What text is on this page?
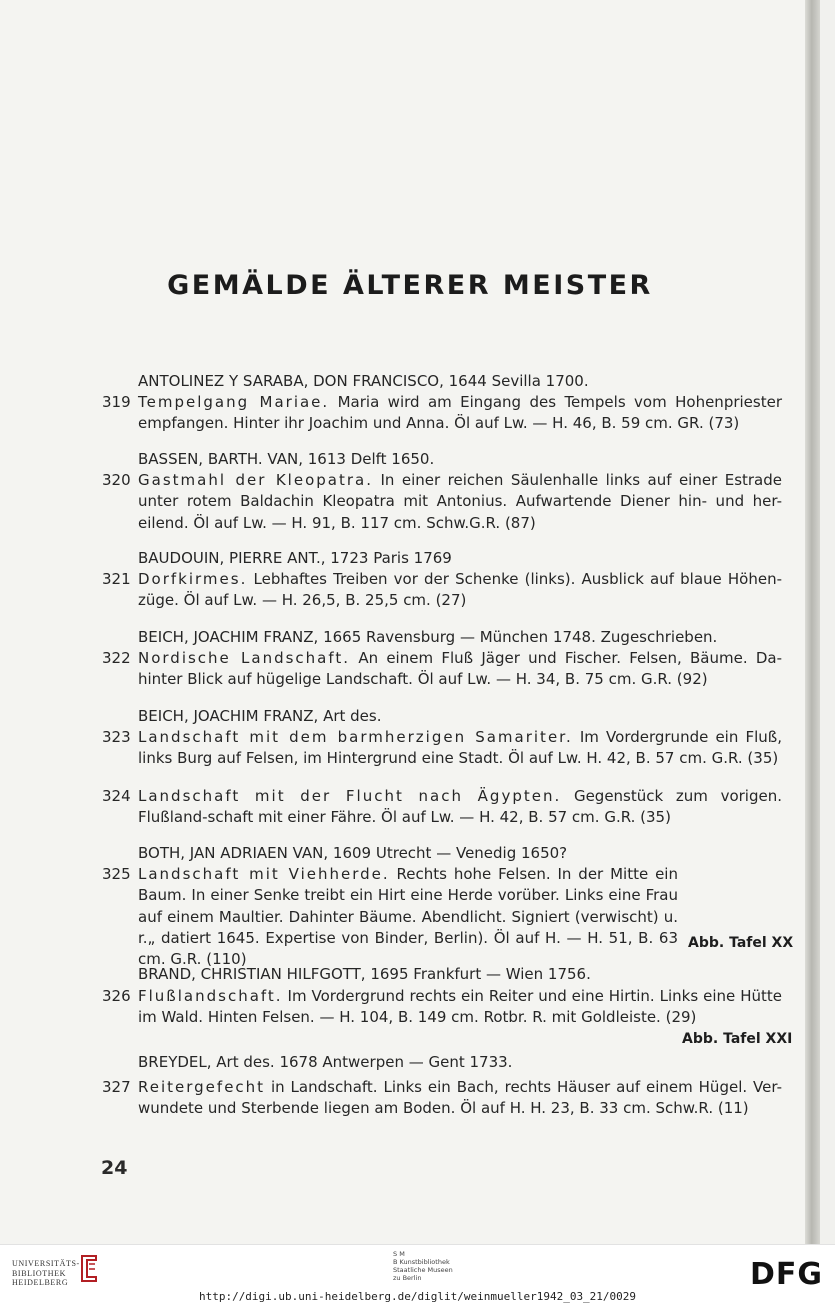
GEMÄLDE ÄLTERER MEISTER
ANTOLINEZ Y SARABA, DON FRANCISCO, 1644 Sevilla 1700.
319 Tempelgang Mariae. Maria wird am Eingang des Tempels vom Hohenpriester empfangen. Hinter ihr Joachim und Anna. Öl auf Lw. — H. 46, B. 59 cm. GR. (73)
BASSEN, BARTH. VAN, 1613 Delft 1650.
320 Gastmahl der Kleopatra. In einer reichen Säulenhalle links auf einer Estrade unter rotem Baldachin Kleopatra mit Antonius. Aufwartende Diener hin- und her-eilend. Öl auf Lw. — H. 91, B. 117 cm. Schw.G.R. (87)
BAUDOUIN, PIERRE ANT., 1723 Paris 1769
321 Dorfkirmes. Lebhaftes Treiben vor der Schenke (links). Ausblick auf blaue Höhen-züge. Öl auf Lw. — H. 26,5, B. 25,5 cm. (27)
BEICH, JOACHIM FRANZ, 1665 Ravensburg — München 1748. Zugeschrieben.
322 Nordische Landschaft. An einem Fluß Jäger und Fischer. Felsen, Bäume. Da-hinter Blick auf hügelige Landschaft. Öl auf Lw. — H. 34, B. 75 cm. G.R. (92)
BEICH, JOACHIM FRANZ, Art des.
323 Landschaft mit dem barmherzigen Samariter. Im Vordergrunde ein Fluß, links Burg auf Felsen, im Hintergrund eine Stadt. Öl auf Lw. H. 42, B. 57 cm. G.R. (35)
324 Landschaft mit der Flucht nach Ägypten. Gegenstück zum vorigen. Flußland-schaft mit einer Fähre. Öl auf Lw. — H. 42, B. 57 cm. G.R. (35)
BOTH, JAN ADRIAEN VAN, 1609 Utrecht — Venedig 1650?
325 Landschaft mit Viehherde. Rechts hohe Felsen. In der Mitte ein Baum. In einer Senke treibt ein Hirt eine Herde vorüber. Links eine Frau auf einem Maultier. Dahinter Bäume. Abendlicht. Signiert (verwischt) u. r.„ datiert 1645. Expertise von Binder, Berlin). Öl auf H. — H. 51, B. 63 cm. G.R. (110)
Abb. Tafel XX
BRAND, CHRISTIAN HILFGOTT, 1695 Frankfurt — Wien 1756.
326 Flußlandschaft. Im Vordergrund rechts ein Reiter und eine Hirtin. Links eine Hütte im Wald. Hinten Felsen. — H. 104, B. 149 cm. Rotbr. R. mit Goldleiste. (29)
Abb. Tafel XXI
BREYDEL, Art des. 1678 Antwerpen — Gent 1733.
327 Reitergefecht in Landschaft. Links ein Bach, rechts Häuser auf einem Hügel. Ver-wundete und Sterbende liegen am Boden. Öl auf H. H. 23, B. 33 cm. Schw.R. (11)
24
UNIVERSITÄTS-
BIBLIOTHEK
HEIDELBERG
S M
B Kunstbibliothek
Staatliche Museen
zu Berlin	DFG
http://digi.ub.uni-heidelberg.de/diglit/weinmueller1942_03_21/0029
